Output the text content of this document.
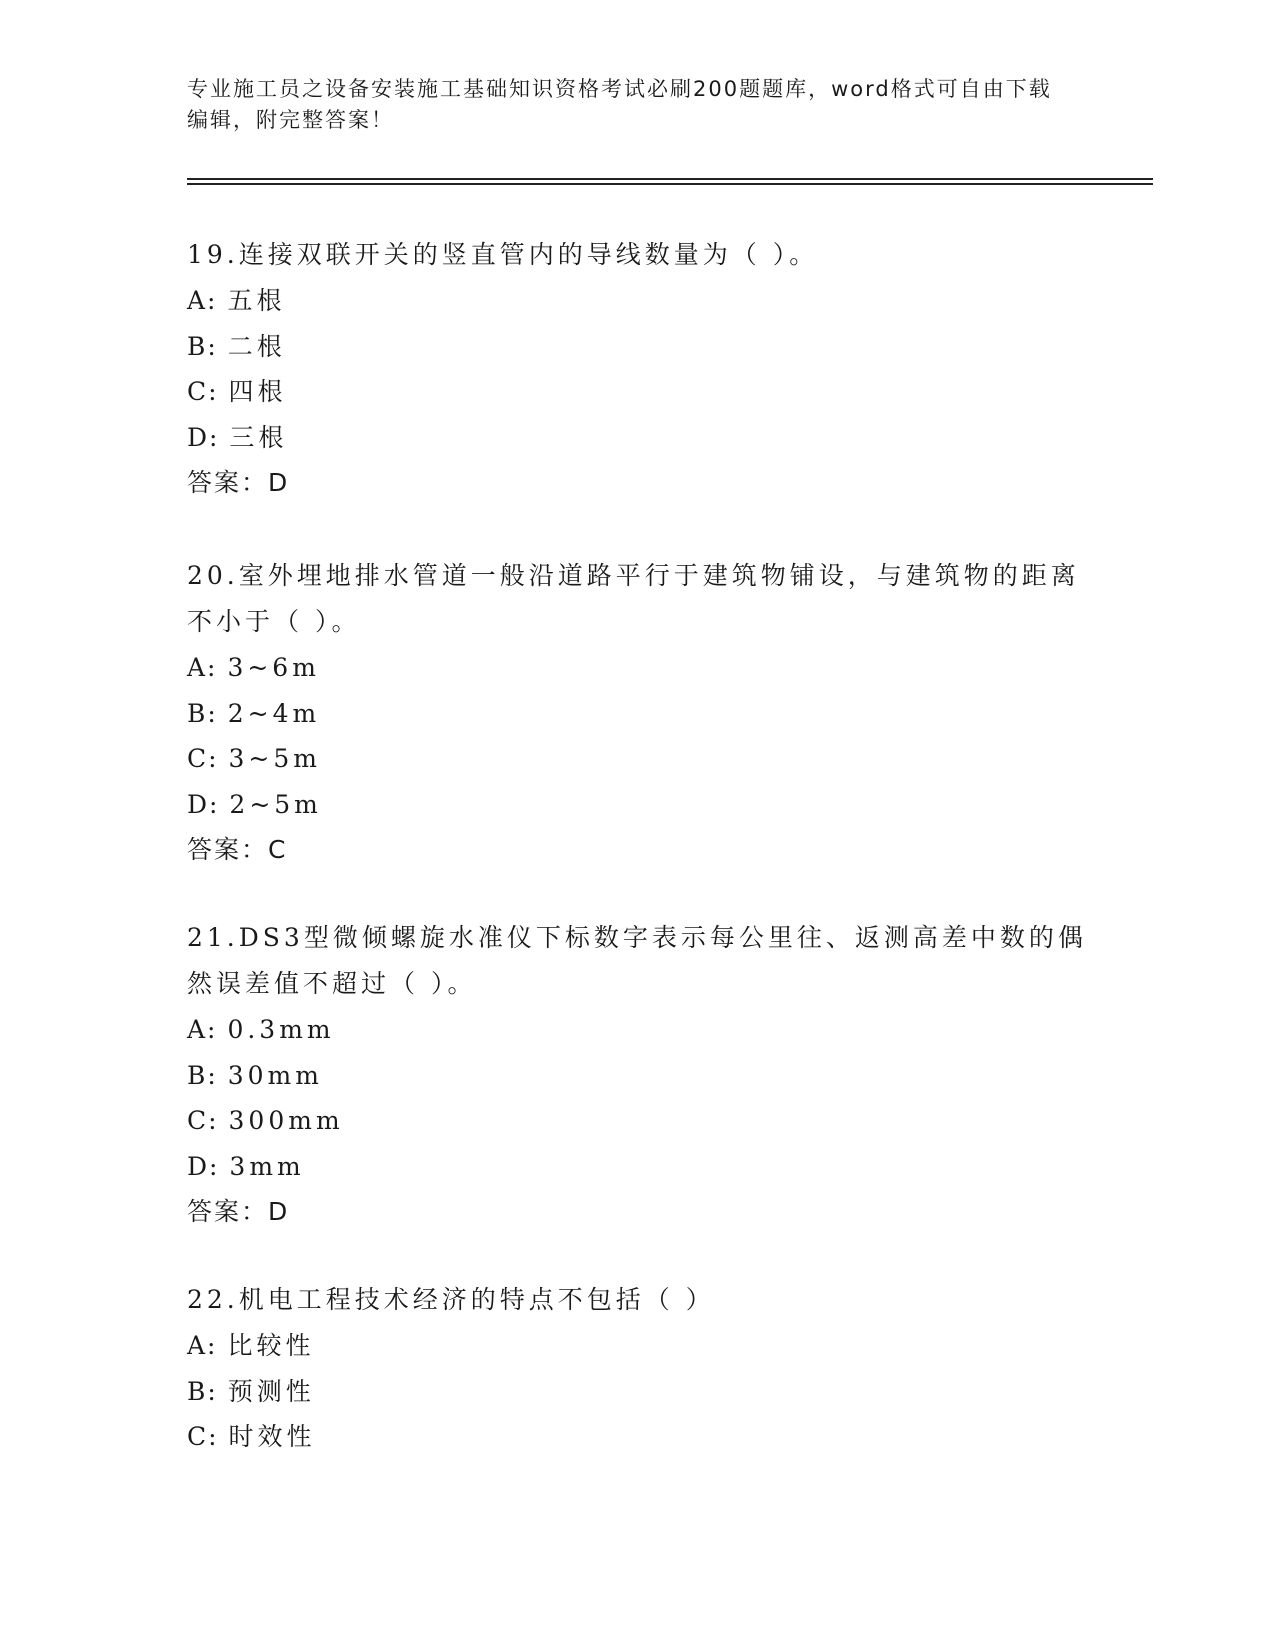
专业施工员之设备安装施工基础知识资格考试必刷200题题库，word格式可自由下载编辑，附完整答案！

19.连接双联开关的竖直管内的导线数量为（ ）。

A: 五根

B: 二根

C: 四根

D: 三根

答案：D

20.室外埋地排水管道一般沿道路平行于建筑物铺设，与建筑物的距离不小于（ ）。

A: 3~6m

B: 2~4m

C: 3~5m

D: 2~5m

答案：C

21.DS3型微倾螺旋水准仪下标数字表示每公里往、返测高差中数的偶然误差值不超过（ ）。

A: 0.3mm

B: 30mm

C: 300mm

D: 3mm

答案：D

22.机电工程技术经济的特点不包括（ ）

A: 比较性

B: 预测性

C: 时效性
